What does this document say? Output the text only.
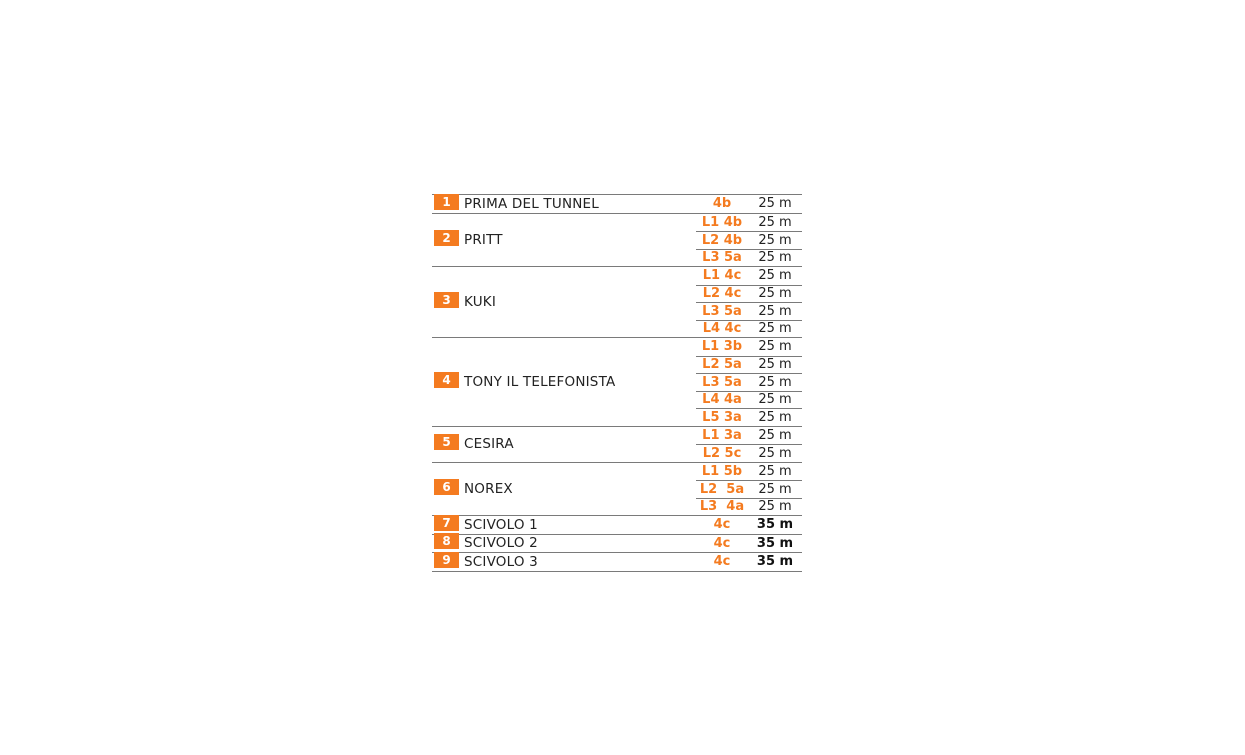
1 PRIMA DEL TUNNEL	4b	25 m
2 PRITT
L1 4b	25 m
L2 4b	25 m
L3 5a	25 m
3 KUKI
L1 4c	25 m
L2 4c	25 m
L3 5a	25 m
L4 4c	25 m
4 TONY IL TELEFONISTA
L1 3b	25 m
L2 5a	25 m
L3 5a	25 m
L4 4a	25 m
L5 3a	25 m
5 CESIRA
L1 3a	25 m
L2 5c	25 m
6 NOREX
L1 5b	25 m
L2  5a	25 m
L3  4a	25 m
7 SCIVOLO 1	4c	35 m
8 SCIVOLO 2	4c	35 m
9 SCIVOLO 3	4c	35 m
